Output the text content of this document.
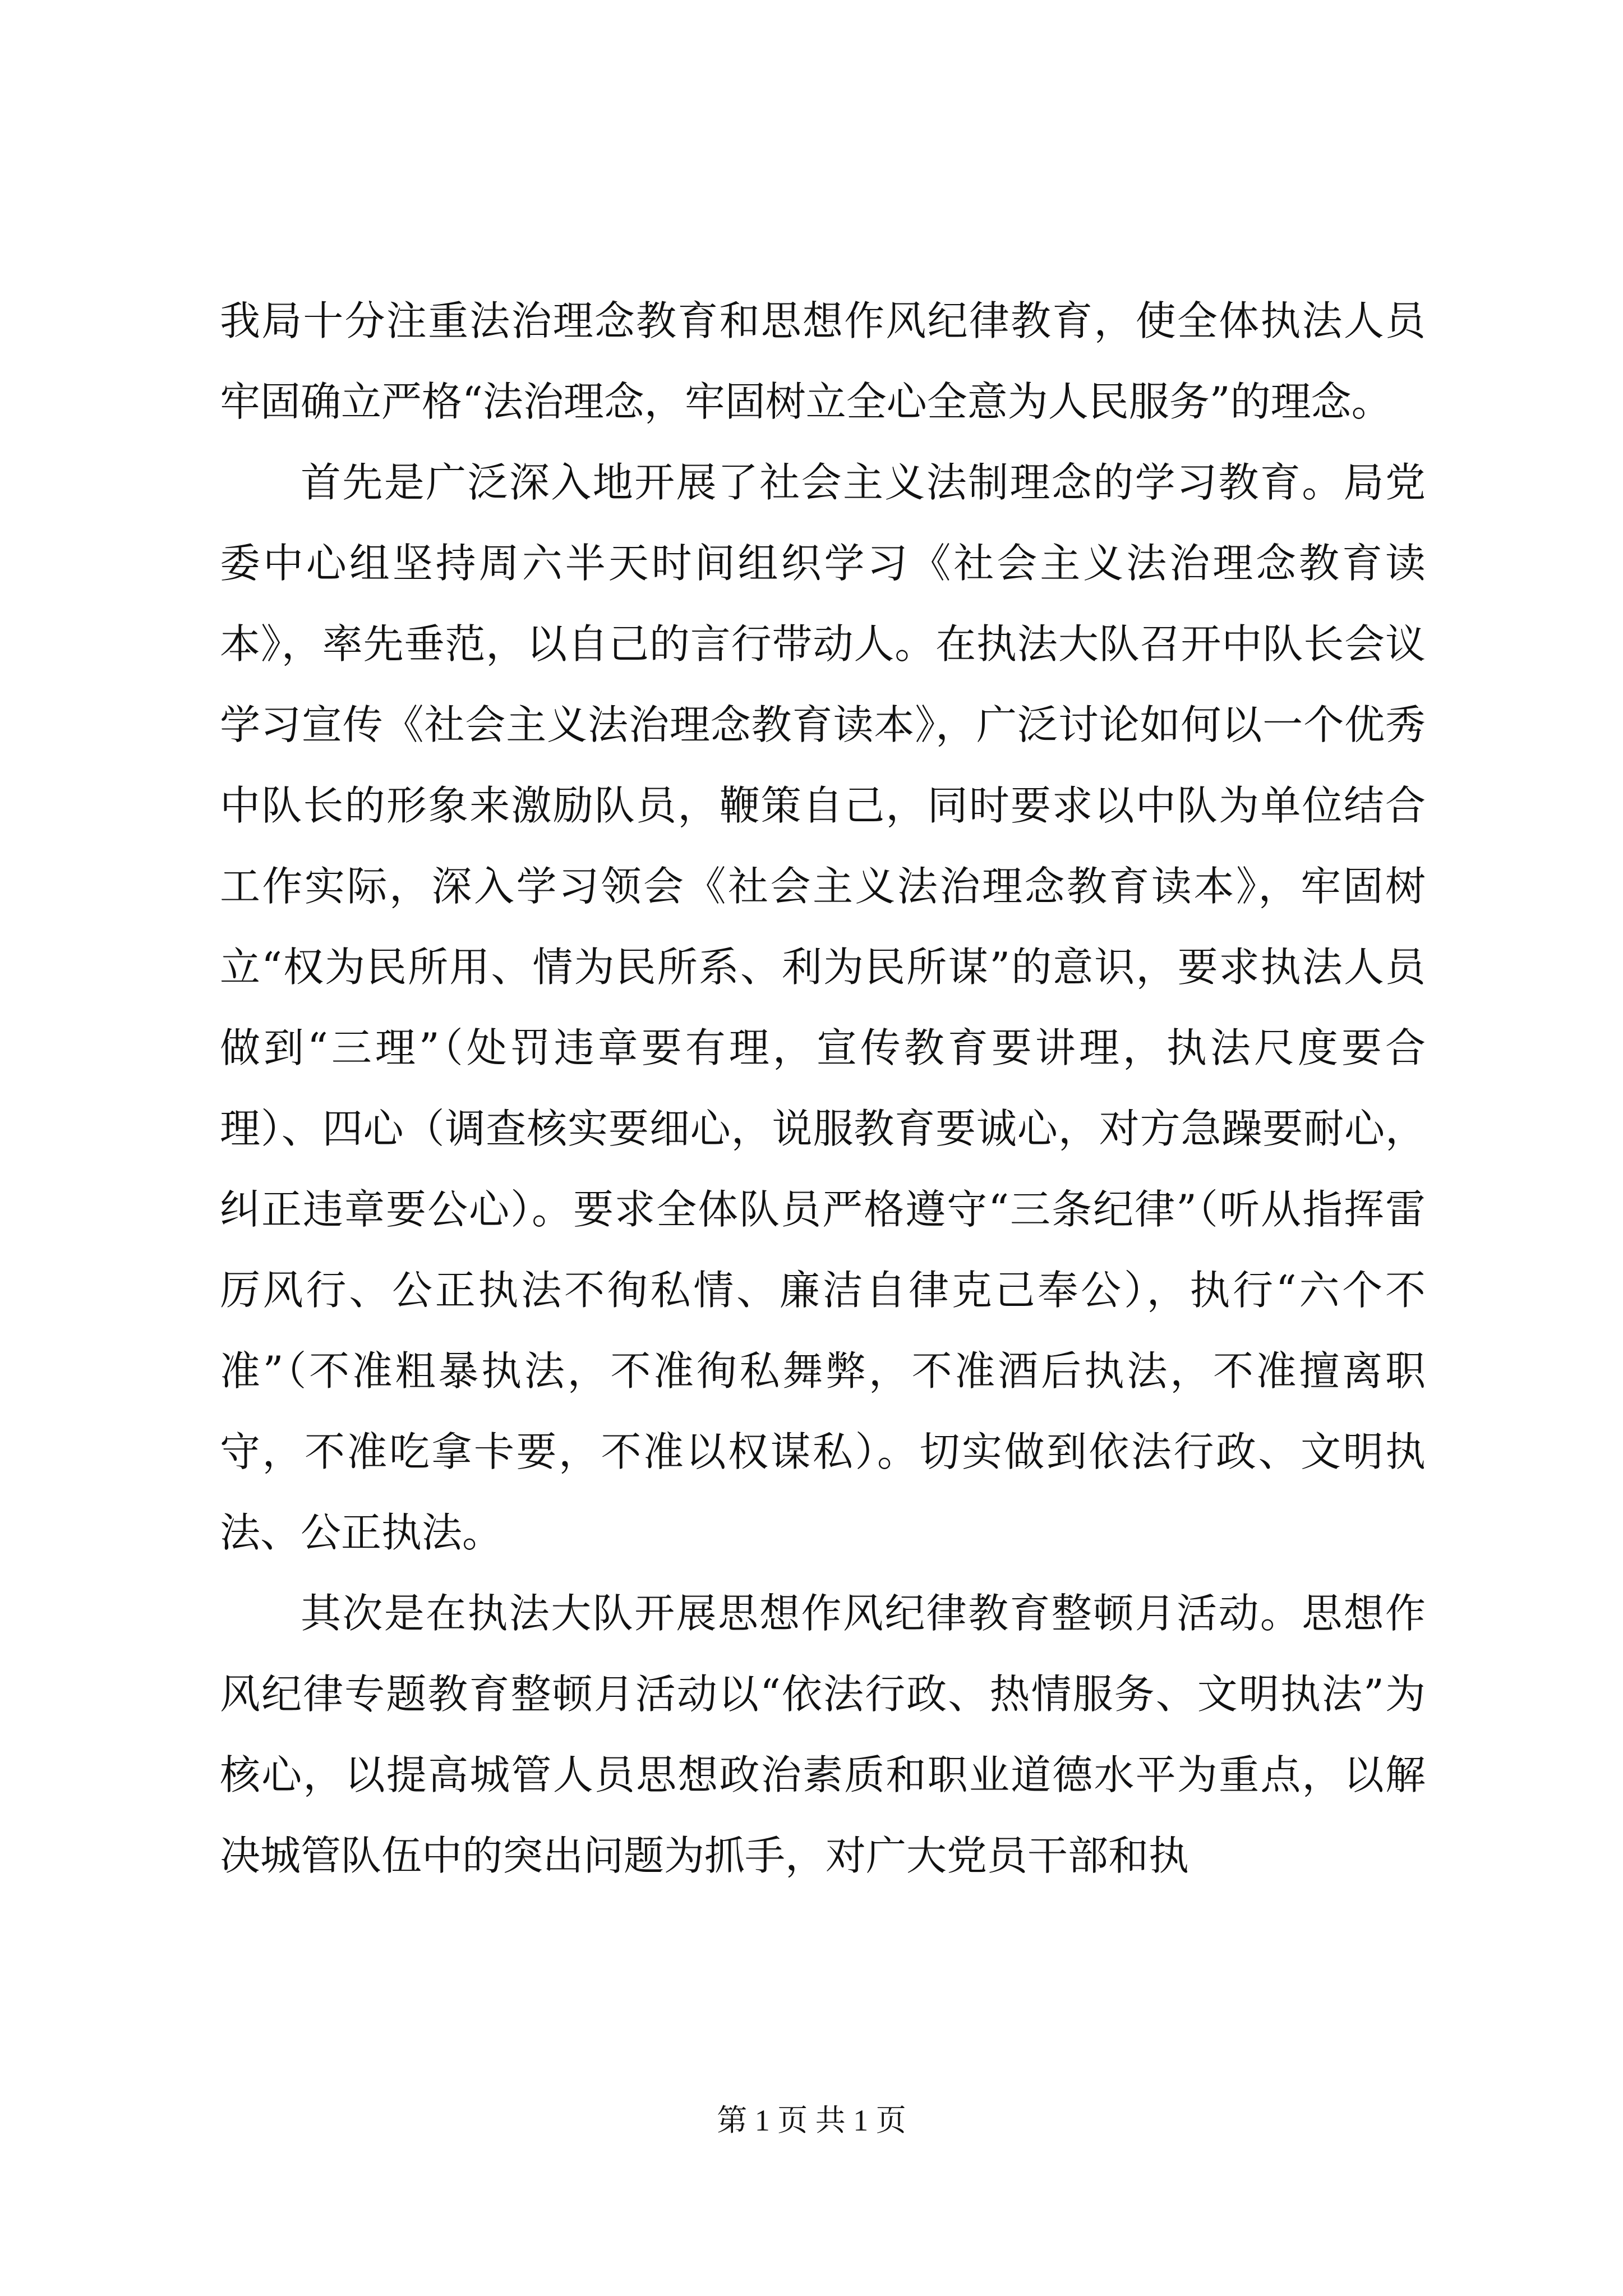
我局十分注重法治理念教育和思想作风纪律教育，使全体执法人员牢固确立严格“法治理念，牢固树立全心全意为人民服务”的理念。

首先是广泛深入地开展了社会主义法制理念的学习教育。局党委中心组坚持周六半天时间组织学习《社会主义法治理念教育读本》，率先垂范，以自己的言行带动人。在执法大队召开中队长会议学习宣传《社会主义法治理念教育读本》，广泛讨论如何以一个优秀中队长的形象来激励队员，鞭策自己，同时要求以中队为单位结合工作实际，深入学习领会《社会主义法治理念教育读本》，牢固树立“权为民所用、情为民所系、利为民所谋”的意识，要求执法人员做到“三理”（处罚违章要有理，宣传教育要讲理，执法尺度要合理）、四心（调查核实要细心，说服教育要诚心，对方急躁要耐心，纠正违章要公心）。要求全体队员严格遵守“三条纪律”（听从指挥雷厉风行、公正执法不徇私情、廉洁自律克己奉公），执行“六个不准”（不准粗暴执法，不准徇私舞弊，不准酒后执法，不准擅离职守，不准吃拿卡要，不准以权谋私）。切实做到依法行政、文明执法、公正执法。

其次是在执法大队开展思想作风纪律教育整顿月活动。思想作风纪律专题教育整顿月活动以“依法行政、热情服务、文明执法”为核心，以提高城管人员思想政治素质和职业道德水平为重点，以解决城管队伍中的突出问题为抓手，对广大党员干部和执

第 1 页 共 1 页
